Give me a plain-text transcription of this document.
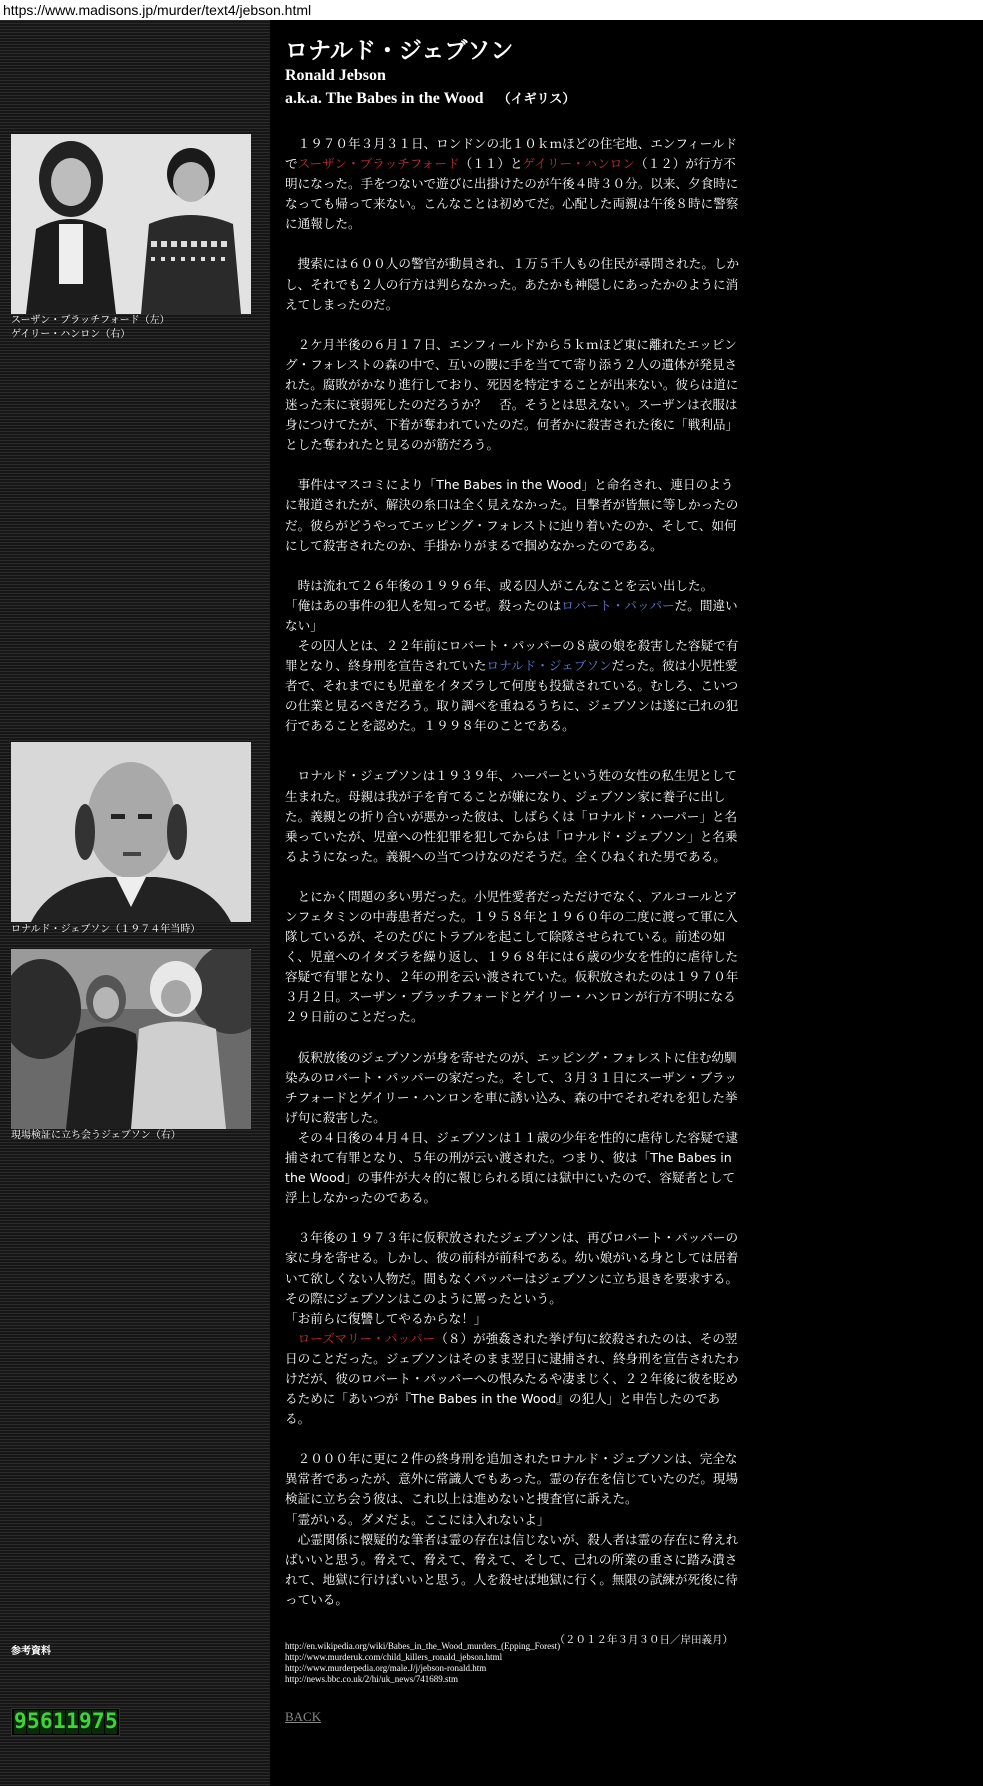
https://www.madisons.jp/murder/text4/jebson.html
スーザン・ブラッチフォード（左）
ゲイリー・ハンロン（右）
ロナルド・ジェブソン（１９７４年当時）
現場検証に立ち会うジェブソン（右）
ロナルド・ジェブソン
Ronald Jebson
a.k.a. The Babes in the Wood （イギリス）

　１９７０年３月３１日、ロンドンの北１０ｋｍほどの住宅地、エンフィールドでスーザン・ブラッチフォード（１１）とゲイリー・ハンロン（１２）が行方不明になった。手をつないで遊びに出掛けたのが午後４時３０分。以来、夕食時になっても帰って来ない。こんなことは初めてだ。心配した両親は午後８時に警察に通報した。

　捜索には６００人の警官が動員され、１万５千人もの住民が尋問された。しかし、それでも２人の行方は判らなかった。あたかも神隠しにあったかのように消えてしまったのだ。

　２ケ月半後の６月１７日、エンフィールドから５ｋｍほど東に離れたエッピング・フォレストの森の中で、互いの腰に手を当てて寄り添う２人の遺体が発見された。腐敗がかなり進行しており、死因を特定することが出来ない。彼らは道に迷った末に衰弱死したのだろうか？　否。そうとは思えない。スーザンは衣服は身につけてたが、下着が奪われていたのだ。何者かに殺害された後に「戦利品」とした奪われたと見るのが筋だろう。

　事件はマスコミにより「The Babes in the Wood」と命名され、連日のように報道されたが、解決の糸口は全く見えなかった。目撃者が皆無に等しかったのだ。彼らがどうやってエッピング・フォレストに辿り着いたのか、そして、如何にして殺害されたのか、手掛かりがまるで掴めなかったのである。

　時は流れて２６年後の１９９６年、或る囚人がこんなことを云い出した。
「俺はあの事件の犯人を知ってるぜ。殺ったのはロバート・パッパーだ。間違いない」
　その囚人とは、２２年前にロバート・パッパーの８歳の娘を殺害した容疑で有罪となり、終身刑を宣告されていたロナルド・ジェブソンだった。彼は小児性愛者で、それまでにも児童をイタズラして何度も投獄されている。むしろ、こいつの仕業と見るべきだろう。取り調べを重ねるうちに、ジェブソンは遂に己れの犯行であることを認めた。１９９８年のことである。

　ロナルド・ジェブソンは１９３９年、ハーパーという姓の女性の私生児として生まれた。母親は我が子を育てることが嫌になり、ジェブソン家に養子に出した。義親との折り合いが悪かった彼は、しばらくは「ロナルド・ハーパー」と名乗っていたが、児童への性犯罪を犯してからは「ロナルド・ジェブソン」と名乗るようになった。義親への当てつけなのだそうだ。全くひねくれた男である。

　とにかく問題の多い男だった。小児性愛者だっただけでなく、アルコールとアンフェタミンの中毒患者だった。１９５８年と１９６０年の二度に渡って軍に入隊しているが、そのたびにトラブルを起こして除隊させられている。前述の如く、児童へのイタズラを繰り返し、１９６８年には６歳の少女を性的に虐待した容疑で有罪となり、２年の刑を云い渡されていた。仮釈放されたのは１９７０年３月２日。スーザン・ブラッチフォードとゲイリー・ハンロンが行方不明になる２９日前のことだった。

　仮釈放後のジェブソンが身を寄せたのが、エッピング・フォレストに住む幼馴染みのロバート・パッパーの家だった。そして、３月３１日にスーザン・ブラッチフォードとゲイリー・ハンロンを車に誘い込み、森の中でそれぞれを犯した挙げ句に殺害した。

　その４日後の４月４日、ジェブソンは１１歳の少年を性的に虐待した容疑で逮捕されて有罪となり、５年の刑が云い渡された。つまり、彼は「The Babes in the Wood」の事件が大々的に報じられる頃には獄中にいたので、容疑者として浮上しなかったのである。

　３年後の１９７３年に仮釈放されたジェブソンは、再びロバート・パッパーの家に身を寄せる。しかし、彼の前科が前科である。幼い娘がいる身としては居着いて欲しくない人物だ。間もなくパッパーはジェブソンに立ち退きを要求する。その際にジェブソンはこのように罵ったという。
「お前らに復讐してやるからな！」
　ローズマリー・パッパー（８）が強姦された挙げ句に絞殺されたのは、その翌日のことだった。ジェブソンはそのまま翌日に逮捕され、終身刑を宣告されたわけだが、彼のロバート・パッパーへの恨みたるや凄まじく、２２年後に彼を貶めるために「あいつが『The Babes in the Wood』の犯人」と申告したのである。

　２０００年に更に２件の終身刑を追加されたロナルド・ジェブソンは、完全な異常者であったが、意外に常識人でもあった。霊の存在を信じていたのだ。現場検証に立ち会う彼は、これ以上は進めないと捜査官に訴えた。
「霊がいる。ダメだよ。ここには入れないよ」
　心霊関係に懐疑的な筆者は霊の存在は信じないが、殺人者は霊の存在に脅えればいいと思う。脅えて、脅えて、脅えて、そして、己れの所業の重さに踏み潰されて、地獄に行けばいいと思う。人を殺せば地獄に行く。無限の試練が死後に待っている。

（２０１２年３月３０日／岸田義月）

参考資料	http://en.wikipedia.org/wiki/Babes_in_the_Wood_murders_(Epping_Forest)
http://www.murderuk.com/child_killers_ronald_jebson.html
http://www.murderpedia.org/male.J/j/jebson-ronald.htm
http://news.bbc.co.uk/2/hi/uk_news/741689.stm
9 5 6 1 1 9 7 5	BACK
